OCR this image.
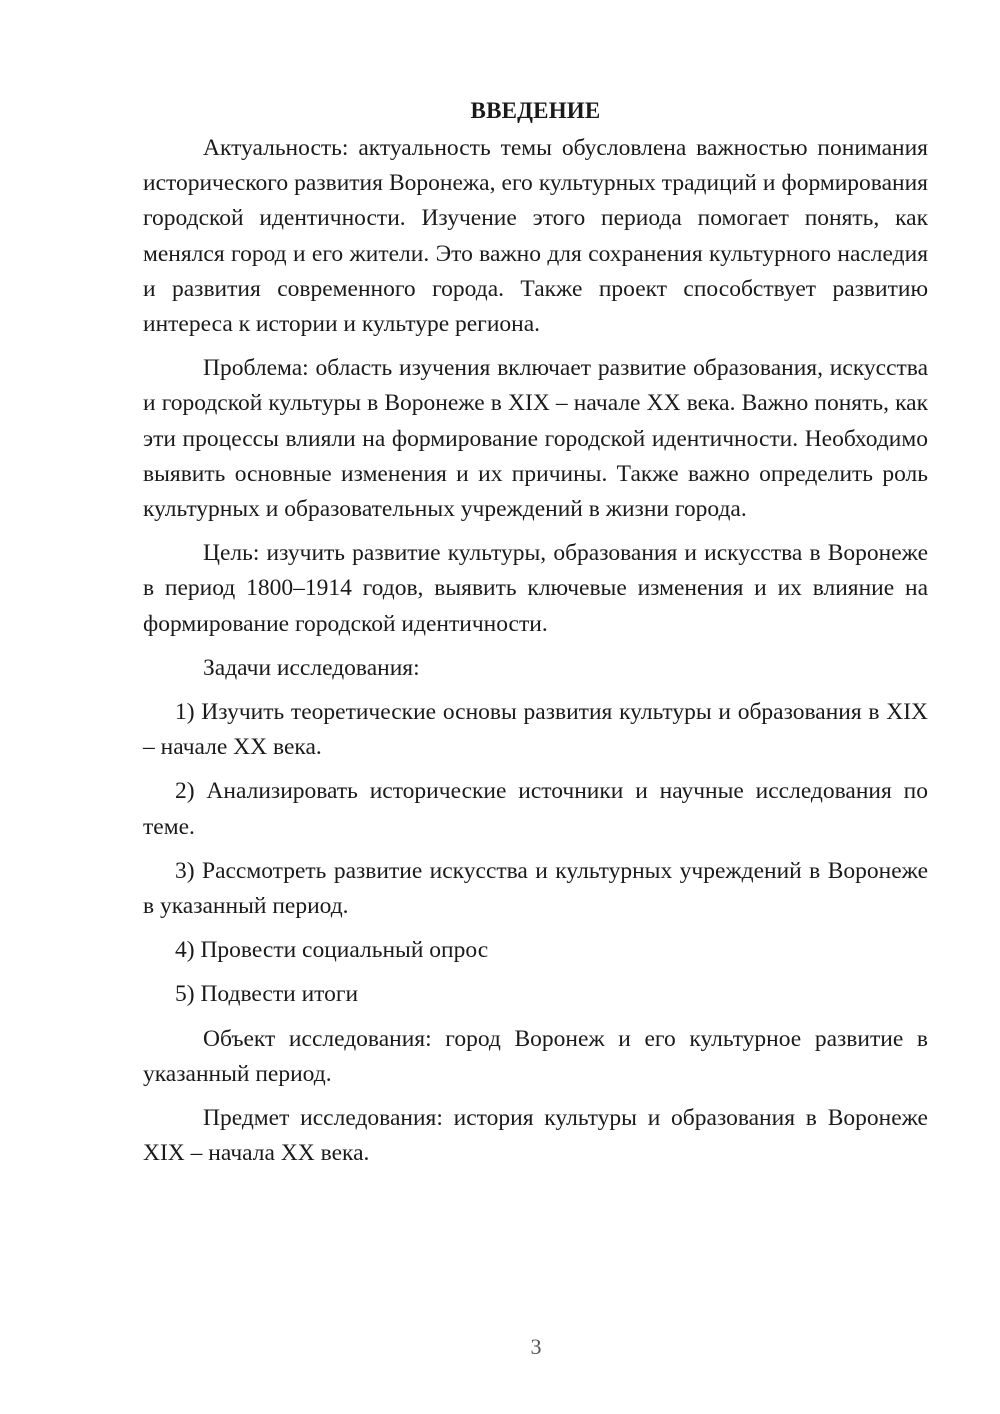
ВВЕДЕНИЕ

Актуальность: актуальность темы обусловлена важностью понимания исторического развития Воронежа, его культурных традиций и формирования городской идентичности. Изучение этого периода помогает понять, как менялся город и его жители. Это важно для сохранения культурного наследия и развития современного города. Также проект способствует развитию интереса к истории и культуре региона.

Проблема: область изучения включает развитие образования, искусства и городской культуры в Воронеже в XIX – начале XX века. Важно понять, как эти процессы влияли на формирование городской идентичности. Необходимо выявить основные изменения и их причины. Также важно определить роль культурных и образовательных учреждений в жизни города.

Цель: изучить развитие культуры, образования и искусства в Воронеже в период 1800–1914 годов, выявить ключевые изменения и их влияние на формирование городской идентичности.

Задачи исследования:

1) Изучить теоретические основы развития культуры и образования в XIX – начале XX века.

2) Анализировать исторические источники и научные исследования по теме.

3) Рассмотреть развитие искусства и культурных учреждений в Воронеже в указанный период.

4) Провести социальный опрос

5) Подвести итоги

Объект исследования: город Воронеж и его культурное развитие в указанный период.

Предмет исследования: история культуры и образования в Воронеже XIX – начала XX века.

3
